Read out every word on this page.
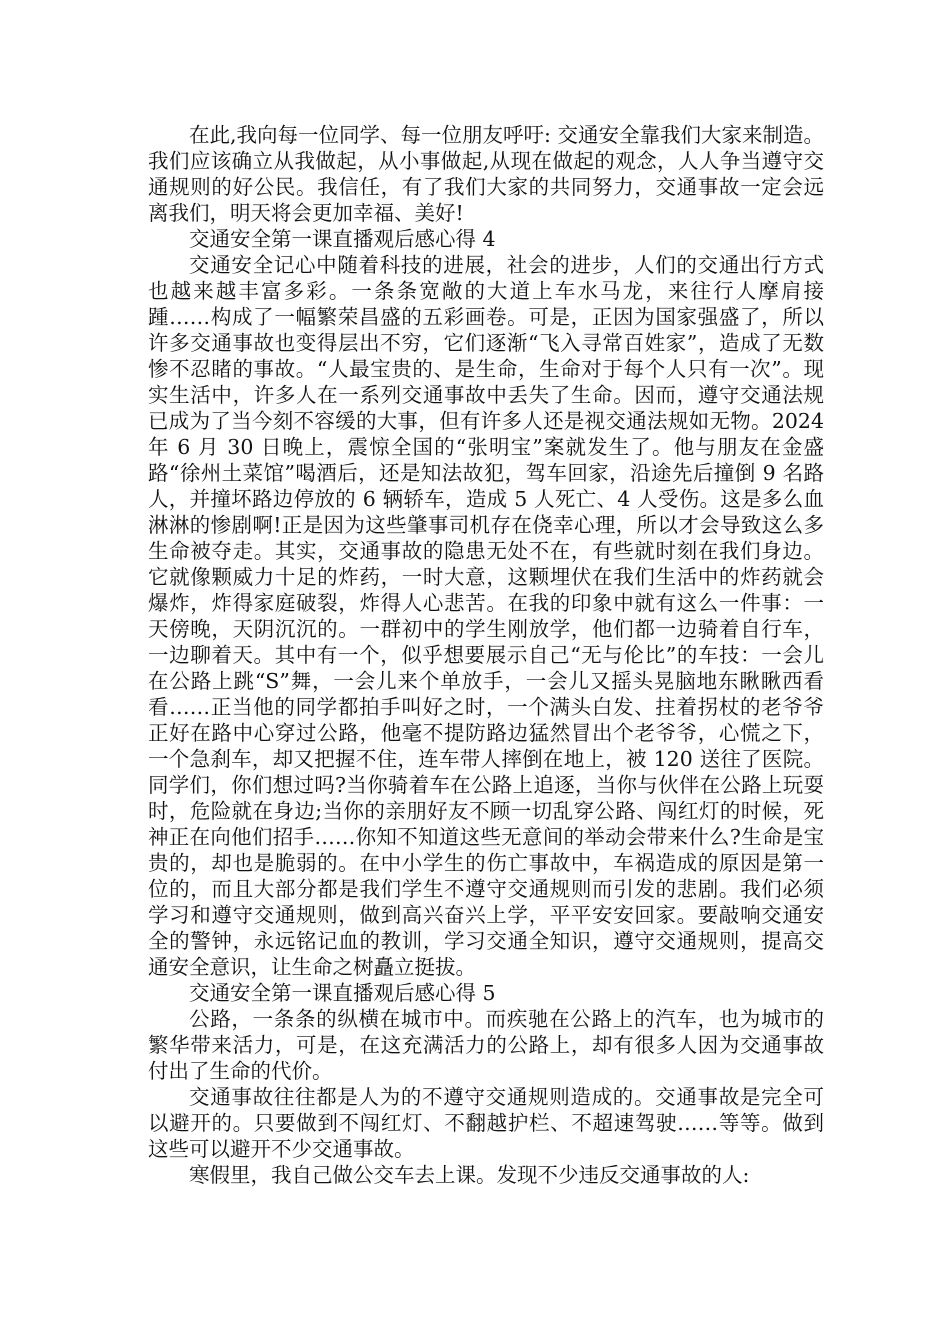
在此,我向每一位同学、每一位朋友呼吁: 交通安全靠我们大家来制造。我们应该确立从我做起，从小事做起,从现在做起的观念，人人争当遵守交通规则的好公民。我信任，有了我们大家的共同努力，交通事故一定会远离我们，明天将会更加幸福、美好!

交通安全第一课直播观后感心得 4

交通安全记心中随着科技的进展，社会的进步，人们的交通出行方式也越来越丰富多彩。一条条宽敞的大道上车水马龙，来往行人摩肩接踵……构成了一幅繁荣昌盛的五彩画卷。可是，正因为国家强盛了，所以许多交通事故也变得层出不穷，它们逐渐“飞入寻常百姓家”，造成了无数惨不忍睹的事故。“人最宝贵的、是生命，生命对于每个人只有一次”。现实生活中，许多人在一系列交通事故中丢失了生命。因而，遵守交通法规已成为了当今刻不容缓的大事，但有许多人还是视交通法规如无物。2024 年 6 月 30 日晚上，震惊全国的“张明宝”案就发生了。他与朋友在金盛路“徐州土菜馆”喝酒后，还是知法故犯，驾车回家，沿途先后撞倒 9 名路人，并撞坏路边停放的 6 辆轿车，造成 5 人死亡、4 人受伤。这是多么血淋淋的惨剧啊!正是因为这些肇事司机存在侥幸心理，所以才会导致这么多生命被夺走。其实，交通事故的隐患无处不在，有些就时刻在我们身边。它就像颗威力十足的炸药，一时大意，这颗埋伏在我们生活中的炸药就会爆炸，炸得家庭破裂，炸得人心悲苦。在我的印象中就有这么一件事：一天傍晚，天阴沉沉的。一群初中的学生刚放学，他们都一边骑着自行车，一边聊着天。其中有一个，似乎想要展示自己“无与伦比”的车技：一会儿在公路上跳“S”舞，一会儿来个单放手，一会儿又摇头晃脑地东瞅瞅西看看……正当他的同学都拍手叫好之时，一个满头白发、拄着拐杖的老爷爷正好在路中心穿过公路，他毫不提防路边猛然冒出个老爷爷，心慌之下，一个急刹车，却又把握不住，连车带人摔倒在地上，被 120 送往了医院。同学们，你们想过吗?当你骑着车在公路上追逐，当你与伙伴在公路上玩耍时，危险就在身边;当你的亲朋好友不顾一切乱穿公路、闯红灯的时候，死神正在向他们招手……你知不知道这些无意间的举动会带来什么?生命是宝贵的，却也是脆弱的。在中小学生的伤亡事故中，车祸造成的原因是第一位的，而且大部分都是我们学生不遵守交通规则而引发的悲剧。我们必须学习和遵守交通规则，做到高兴奋兴上学，平平安安回家。要敲响交通安全的警钟，永远铭记血的教训，学习交通全知识，遵守交通规则，提高交通安全意识，让生命之树矗立挺拔。

交通安全第一课直播观后感心得 5

公路，一条条的纵横在城市中。而疾驰在公路上的汽车，也为城市的繁华带来活力，可是，在这充满活力的公路上，却有很多人因为交通事故付出了生命的代价。

交通事故往往都是人为的不遵守交通规则造成的。交通事故是完全可以避开的。只要做到不闯红灯、不翻越护栏、不超速驾驶……等等。做到这些可以避开不少交通事故。

寒假里，我自己做公交车去上课。发现不少违反交通事故的人:
